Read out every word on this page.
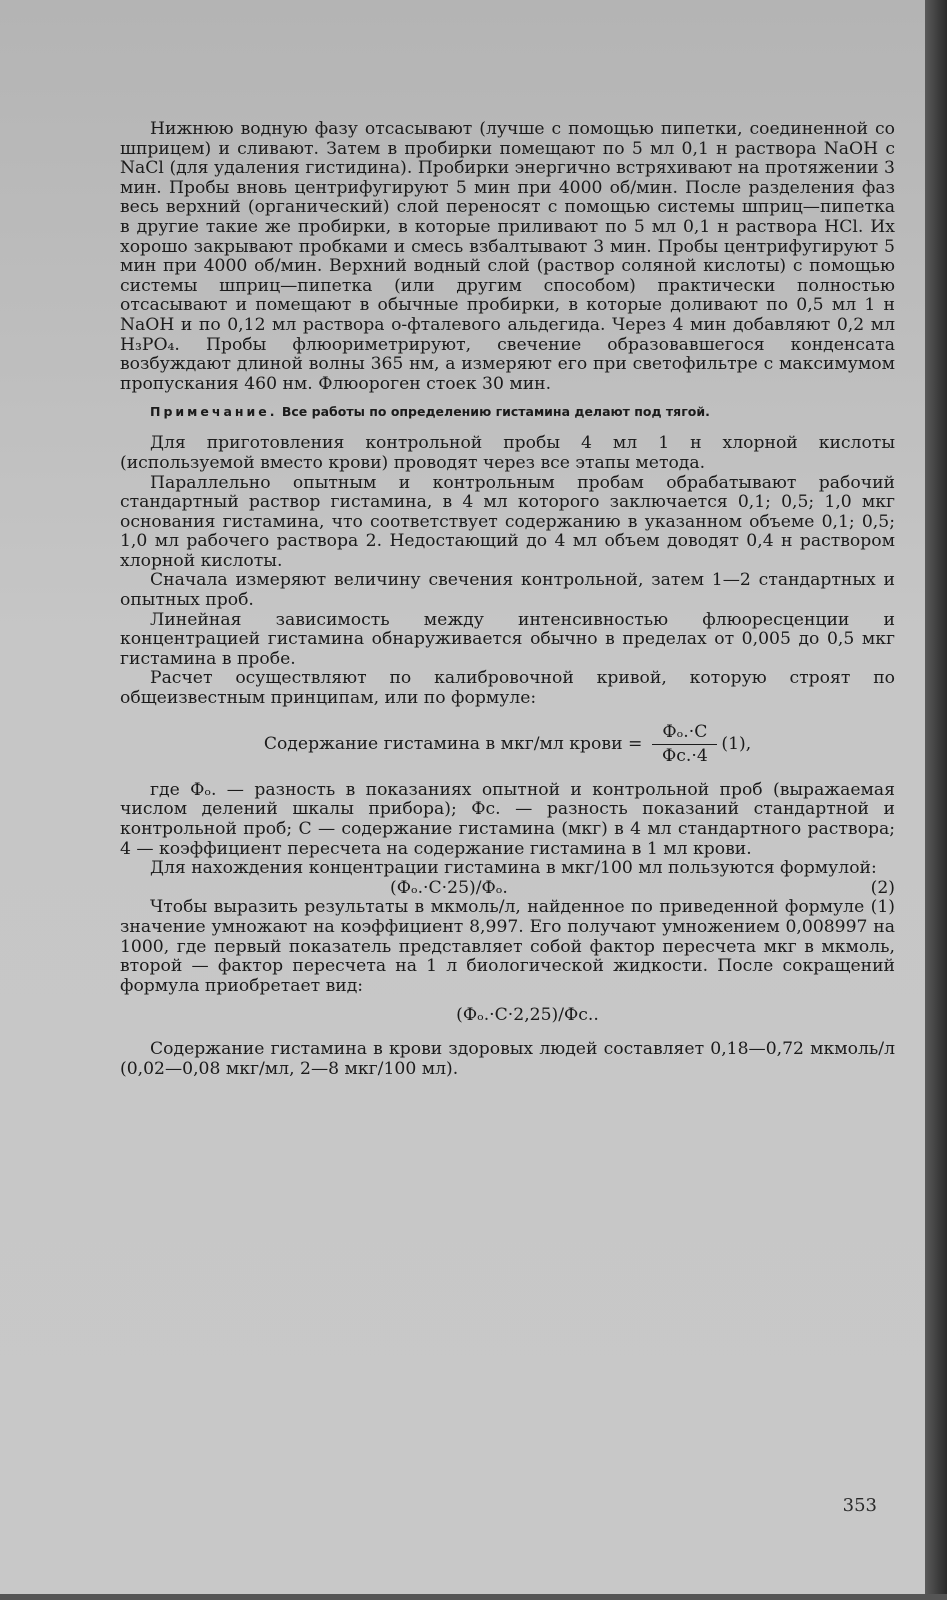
Нижнюю водную фазу отсасывают (лучше с помощью пипетки, соединенной со шприцем) и сливают. Затем в пробирки помещают по 5 мл 0,1 н раствора NaOH с NaCl (для удаления гистидина). Пробирки энергично встряхивают на протяжении 3 мин. Пробы вновь центрифугируют 5 мин при 4000 об/мин. После разделения фаз весь верхний (органический) слой переносят с помощью системы шприц—пипетка в другие такие же пробирки, в которые приливают по 5 мл 0,1 н раствора HCl. Их хорошо закрывают пробками и смесь взбалтывают 3 мин. Пробы центрифугируют 5 мин при 4000 об/мин. Верхний водный слой (раствор соляной кислоты) с помощью системы шприц—пипетка (или другим способом) практически полностью отсасывают и помещают в обычные пробирки, в которые доливают по 0,5 мл 1 н NaOH и по 0,12 мл раствора о-фталевого альдегида. Через 4 мин добавляют 0,2 мл H₃PO₄. Пробы флюориметрируют, свечение образовавшегося конденсата возбуждают длиной волны 365 нм, а измеряют его при светофильтре с максимумом пропускания 460 нм. Флюороген стоек 30 мин.

Примечание. Все работы по определению гистамина делают под тягой.

Для приготовления контрольной пробы 4 мл 1 н хлорной кислоты (используемой вместо крови) проводят через все этапы метода.

Параллельно опытным и контрольным пробам обрабатывают рабочий стандартный раствор гистамина, в 4 мл которого заключается 0,1; 0,5; 1,0 мкг основания гистамина, что соответствует содержанию в указанном объеме 0,1; 0,5; 1,0 мл рабочего раствора 2. Недостающий до 4 мл объем доводят 0,4 н раствором хлорной кислоты.

Сначала измеряют величину свечения контрольной, затем 1—2 стандартных и опытных проб.

Линейная зависимость между интенсивностью флюоресценции и концентрацией гистамина обнаруживается обычно в пределах от 0,005 до 0,5 мкг гистамина в пробе.

Расчет осуществляют по калибровочной кривой, которую строят по общеизвестным принципам, или по формуле:

Содержание гистамина в мкг/мл крови = $\frac{\text{Фₒ.·С}}{Фс.\cdot 4} (1)$,

где Фₒ. — разность в показаниях опытной и контрольной проб (выражаемая числом делений шкалы прибора); Фс. — разность показаний стандартной и контрольной проб; С — содержание гистамина (мкг) в 4 мл стандартного раствора; 4 — коэффициент пересчета на содержание гистамина в 1 мл крови.

Для нахождения концентрации гистамина в мкг/100 мл пользуются формулой:

(Фₒ.·С·25)/Фₒ.	(2)

Чтобы выразить результаты в мкмоль/л, найденное по приведенной формуле (1) значение умножают на коэффициент 8,997. Его получают умножением 0,008997 на 1000, где первый показатель представляет собой фактор пересчета мкг в мкмоль, второй — фактор пересчета на 1 л биологической жидкости. После сокращений формула приобретает вид:

(Фₒ.·С·2,25)/Фс..

Содержание гистамина в крови здоровых людей составляет 0,18—0,72 мкмоль/л (0,02—0,08 мкг/мл, 2—8 мкг/100 мл).

353
